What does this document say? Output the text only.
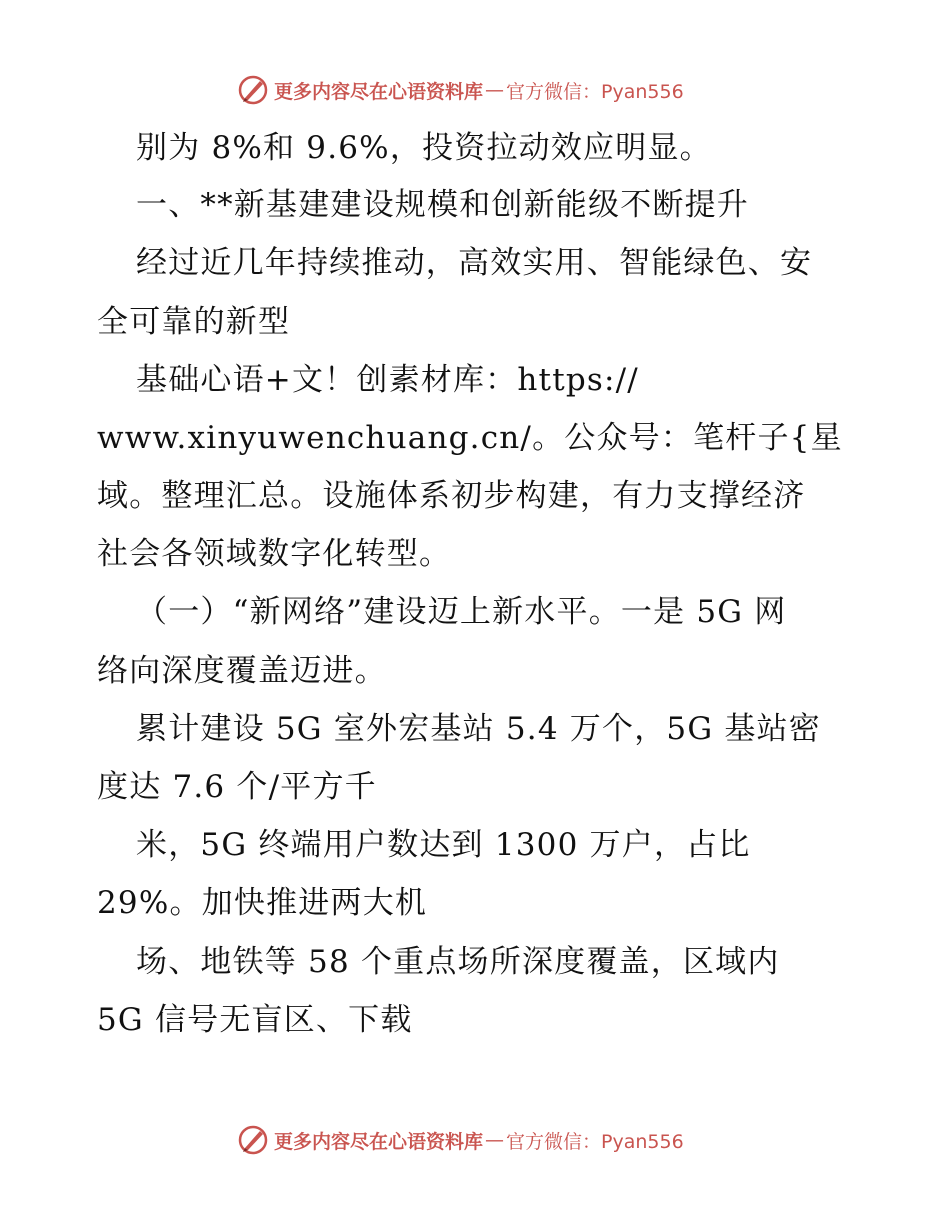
更多内容尽在心语资料库 — 官方微信：Pyan556
别为 8%和 9.6%，投资拉动效应明显。
一、**新基建建设规模和创新能级不断提升
经过近几年持续推动，高效实用、智能绿色、安
全可靠的新型
基础心语+文！创素材库：https://
www.xinyuwenchuang.cn/。公众号：笔杆子{星
域。整理汇总。设施体系初步构建，有力支撑经济
社会各领域数字化转型。
（一）“新网络”建设迈上新水平。一是 5G 网
络向深度覆盖迈进。
累计建设 5G 室外宏基站 5.4 万个，5G 基站密
度达 7.6 个/平方千
米，5G 终端用户数达到 1300 万户，占比
29%。加快推进两大机
场、地铁等 58 个重点场所深度覆盖，区域内
5G 信号无盲区、下载
更多内容尽在心语资料库 — 官方微信：Pyan556
